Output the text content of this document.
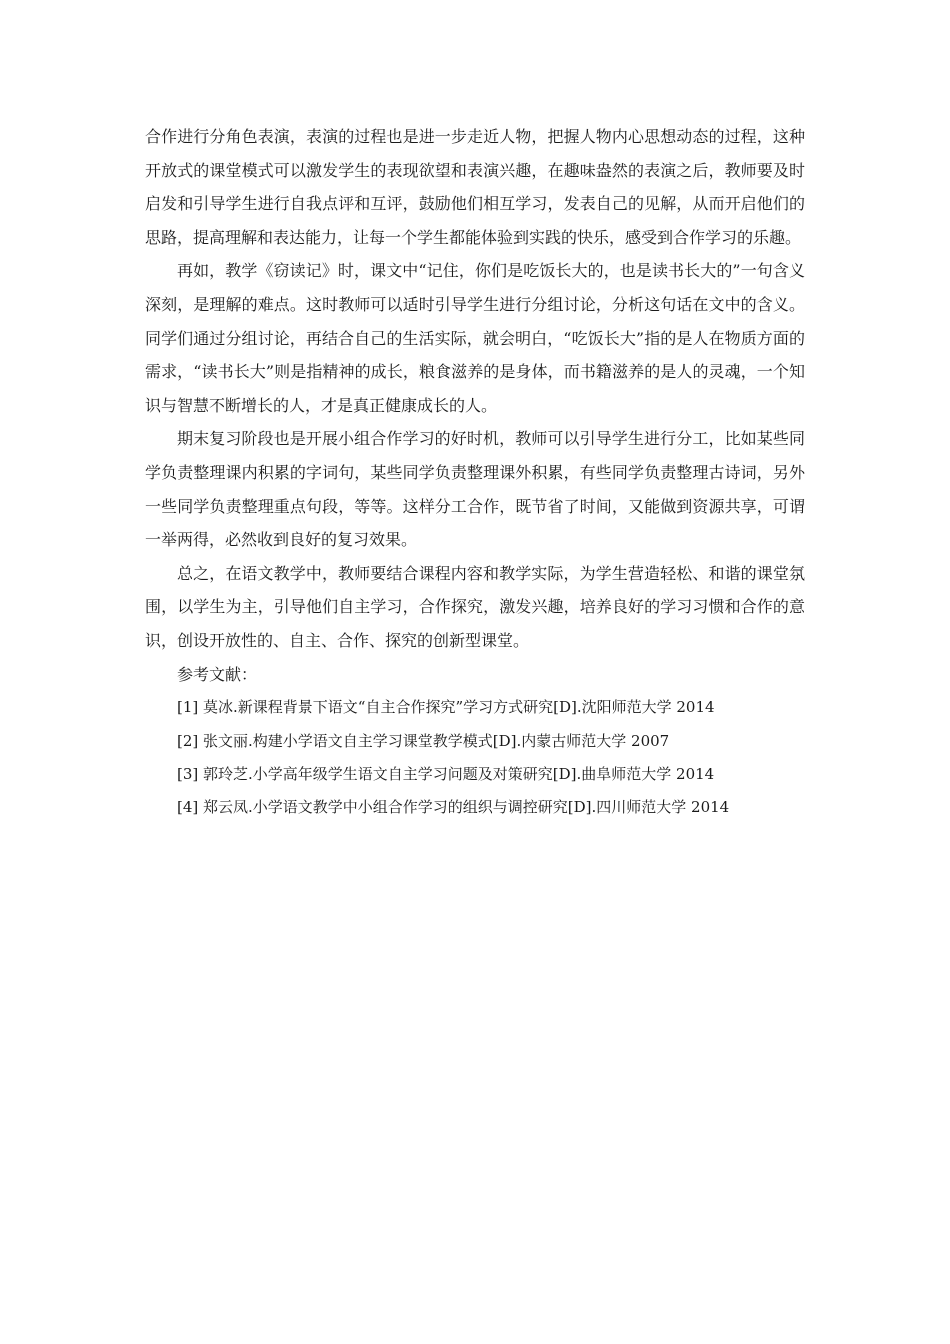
合作进行分角色表演，表演的过程也是进一步走近人物，把握人物内心思想动态的过程，这种开放式的课堂模式可以激发学生的表现欲望和表演兴趣，在趣味盎然的表演之后，教师要及时启发和引导学生进行自我点评和互评，鼓励他们相互学习，发表自己的见解，从而开启他们的思路，提高理解和表达能力，让每一个学生都能体验到实践的快乐，感受到合作学习的乐趣。

再如，教学《窃读记》时，课文中“记住，你们是吃饭长大的，也是读书长大的”一句含义深刻，是理解的难点。这时教师可以适时引导学生进行分组讨论，分析这句话在文中的含义。同学们通过分组讨论，再结合自己的生活实际，就会明白，“吃饭长大”指的是人在物质方面的需求，“读书长大”则是指精神的成长，粮食滋养的是身体，而书籍滋养的是人的灵魂，一个知识与智慧不断增长的人，才是真正健康成长的人。

期末复习阶段也是开展小组合作学习的好时机，教师可以引导学生进行分工，比如某些同学负责整理课内积累的字词句，某些同学负责整理课外积累，有些同学负责整理古诗词，另外一些同学负责整理重点句段，等等。这样分工合作，既节省了时间，又能做到资源共享，可谓一举两得，必然收到良好的复习效果。

总之，在语文教学中，教师要结合课程内容和教学实际，为学生营造轻松、和谐的课堂氛围，以学生为主，引导他们自主学习，合作探究，激发兴趣，培养良好的学习习惯和合作的意识，创设开放性的、自主、合作、探究的创新型课堂。

参考文献：

[1] 莫冰.新课程背景下语文“自主合作探究”学习方式研究[D].沈阳师范大学 2014

[2] 张文丽.构建小学语文自主学习课堂教学模式[D].内蒙古师范大学 2007

[3] 郭玲芝.小学高年级学生语文自主学习问题及对策研究[D].曲阜师范大学 2014

[4] 郑云凤.小学语文教学中小组合作学习的组织与调控研究[D].四川师范大学 2014
